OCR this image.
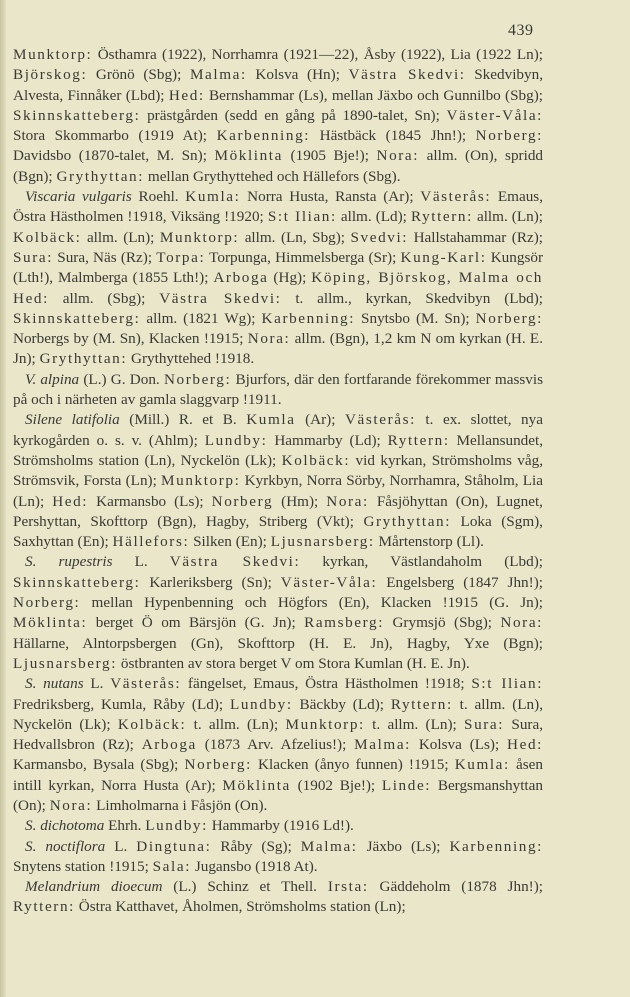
439

Munktorp: Östhamra (1922), Norrhamra (1921—22), Åsby (1922), Lia (1922 Ln); Björskog: Grönö (Sbg); Malma: Kolsva (Hn); Västra Skedvi: Skedvibyn, Alvesta, Finnåker (Lbd); Hed: Bernshammar (Ls), mellan Jäxbo och Gunnilbo (Sbg); Skinnskatteberg: prästgården (sedd en gång på 1890-talet, Sn); Väster-Våla: Stora Skommarbo (1919 At); Karbenning: Hästbäck (1845 Jhn!); Norberg: Davidsbo (1870-talet, M. Sn); Möklinta (1905 Bje!); Nora: allm. (On), spridd (Bgn); Grythyttan: mellan Grythyttehed och Hällefors (Sbg).

Viscaria vulgaris Roehl. Kumla: Norra Husta, Ransta (Ar); Västerås: Emaus, Östra Hästholmen !1918, Viksäng !1920; S:t Ilian: allm. (Ld); Ryttern: allm. (Ln); Kolbäck: allm. (Ln); Munktorp: allm. (Ln, Sbg); Svedvi: Hallstahammar (Rz); Sura: Sura, Näs (Rz); Torpa: Torpunga, Himmelsberga (Sr); Kung-Karl: Kungsör (Lth!), Malmberga (1855 Lth!); Arboga (Hg); Köping, Björskog, Malma och Hed: allm. (Sbg); Västra Skedvi: t. allm., kyrkan, Skedvibyn (Lbd); Skinnskatteberg: allm. (1821 Wg); Karbenning: Snytsbo (M. Sn); Norberg: Norbergs by (M. Sn), Klacken !1915; Nora: allm. (Bgn), 1,2 km N om kyrkan (H. E. Jn); Grythyttan: Grythyttehed !1918.

V. alpina (L.) G. Don. Norberg: Bjurfors, där den fortfarande förekommer massvis på och i närheten av gamla slaggvarp !1911.

Silene latifolia (Mill.) R. et B. Kumla (Ar); Västerås: t. ex. slottet, nya kyrkogården o. s. v. (Ahlm); Lundby: Hammarby (Ld); Ryttern: Mellansundet, Strömsholms station (Ln), Nyckelön (Lk); Kolbäck: vid kyrkan, Strömsholms våg, Strömsvik, Forsta (Ln); Munktorp: Kyrkbyn, Norra Sörby, Norrhamra, Ståholm, Lia (Ln); Hed: Karmansbo (Ls); Norberg (Hm); Nora: Fåsjöhyttan (On), Lugnet, Pershyttan, Skofttorp (Bgn), Hagby, Striberg (Vkt); Grythyttan: Loka (Sgm), Saxhyttan (En); Hällefors: Silken (En); Ljusnarsberg: Mårtenstorp (Ll).

S. rupestris L. Västra Skedvi: kyrkan, Västlandaholm (Lbd); Skinnskatteberg: Karleriksberg (Sn); Väster-Våla: Engelsberg (1847 Jhn!); Norberg: mellan Hypenbenning och Högfors (En), Klacken !1915 (G. Jn); Möklinta: berget Ö om Bärsjön (G. Jn); Ramsberg: Grymsjö (Sbg); Nora: Hällarne, Alntorpsbergen (Gn), Skofttorp (H. E. Jn), Hagby, Yxe (Bgn); Ljusnarsberg: östbranten av stora berget V om Stora Kumlan (H. E. Jn).

S. nutans L. Västerås: fängelset, Emaus, Östra Hästholmen !1918; S:t Ilian: Fredriksberg, Kumla, Råby (Ld); Lundby: Bäckby (Ld); Ryttern: t. allm. (Ln), Nyckelön (Lk); Kolbäck: t. allm. (Ln); Munktorp: t. allm. (Ln); Sura: Sura, Hedvallsbron (Rz); Arboga (1873 Arv. Afzelius!); Malma: Kolsva (Ls); Hed: Karmansbo, Bysala (Sbg); Norberg: Klacken (ånyo funnen) !1915; Kumla: åsen intill kyrkan, Norra Husta (Ar); Möklinta (1902 Bje!); Linde: Bergsmanshyttan (On); Nora: Limholmarna i Fåsjön (On).

S. dichotoma Ehrh. Lundby: Hammarby (1916 Ld!).

S. noctiflora L. Dingtuna: Råby (Sg); Malma: Jäxbo (Ls); Karbenning: Snytens station !1915; Sala: Jugansbo (1918 At).

Melandrium dioecum (L.) Schinz et Thell. Irsta: Gäddeholm (1878 Jhn!); Ryttern: Östra Katthavet, Åholmen, Strömsholms station (Ln);
